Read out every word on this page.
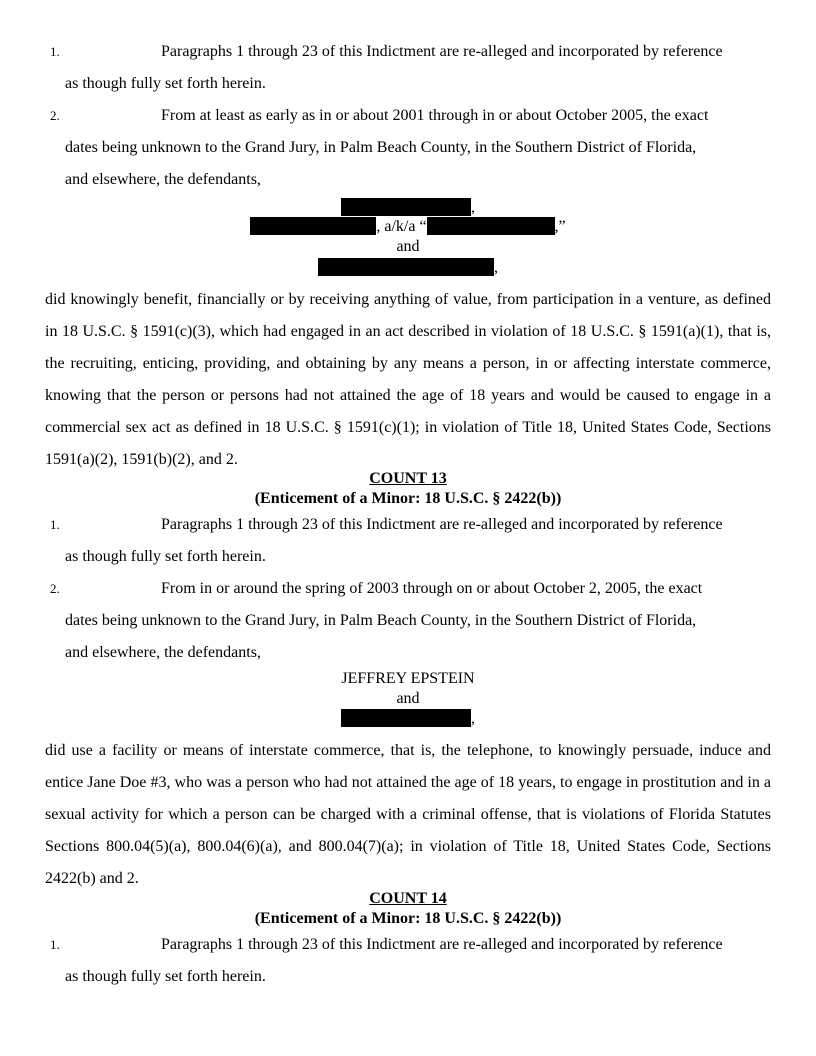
1.	Paragraphs 1 through 23 of this Indictment are re-alleged and incorporated by reference
as though fully set forth herein.
2.	From at least as early as in or about 2001 through in or about October 2005, the exact
dates being unknown to the Grand Jury, in Palm Beach County, in the Southern District of Florida,
and elsewhere, the defendants,
,
, a/k/a “	,”
and
,
did knowingly benefit, financially or by receiving anything of value, from participation in a venture, as defined in 18 U.S.C. § 1591(c)(3), which had engaged in an act described in violation of 18 U.S.C. § 1591(a)(1), that is, the recruiting, enticing, providing, and obtaining by any means a person, in or affecting interstate commerce, knowing that the person or persons had not attained the age of 18 years and would be caused to engage in a commercial sex act as defined in 18 U.S.C. § 1591(c)(1); in violation of Title 18, United States Code, Sections 1591(a)(2), 1591(b)(2), and 2.
COUNT 13
(Enticement of a Minor: 18 U.S.C. § 2422(b))
1.	Paragraphs 1 through 23 of this Indictment are re-alleged and incorporated by reference
as though fully set forth herein.
2.	From in or around the spring of 2003 through on or about October 2, 2005, the exact
dates being unknown to the Grand Jury, in Palm Beach County, in the Southern District of Florida,
and elsewhere, the defendants,
JEFFREY EPSTEIN
and
,
did use a facility or means of interstate commerce, that is, the telephone, to knowingly persuade, induce and entice Jane Doe #3, who was a person who had not attained the age of 18 years, to engage in prostitution and in a sexual activity for which a person can be charged with a criminal offense, that is violations of Florida Statutes Sections 800.04(5)(a), 800.04(6)(a), and 800.04(7)(a); in violation of Title 18, United States Code, Sections 2422(b) and 2.
COUNT 14
(Enticement of a Minor: 18 U.S.C. § 2422(b))
1.	Paragraphs 1 through 23 of this Indictment are re-alleged and incorporated by reference
as though fully set forth herein.
